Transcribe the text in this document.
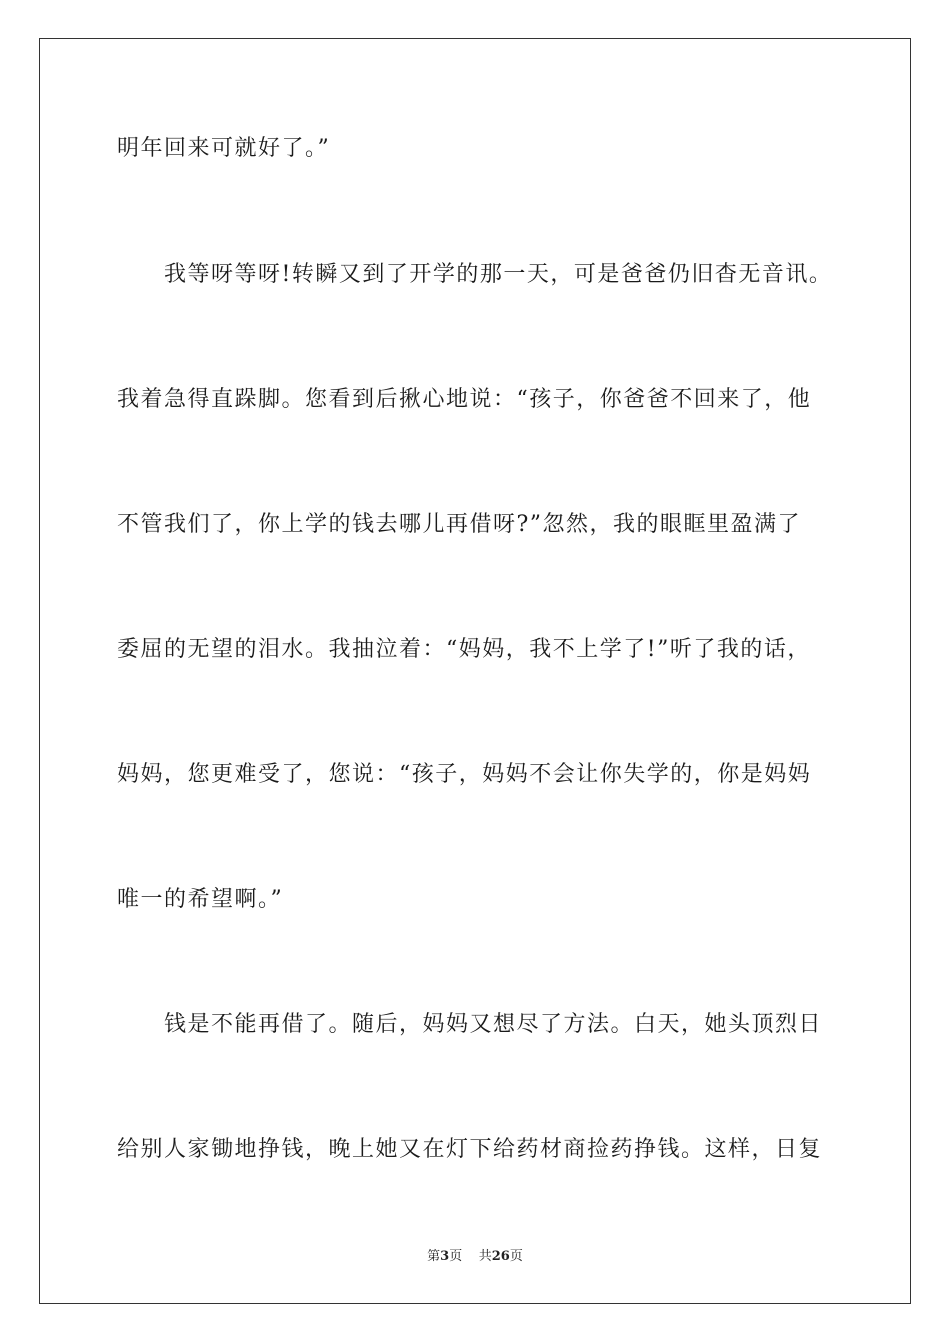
明年回来可就好了。”
我等呀等呀!转瞬又到了开学的那一天，可是爸爸仍旧杳无音讯。
我着急得直跺脚。您看到后揪心地说：“孩子，你爸爸不回来了，他
不管我们了，你上学的钱去哪儿再借呀?”忽然，我的眼眶里盈满了
委屈的无望的泪水。我抽泣着：“妈妈，我不上学了!”听了我的话，
妈妈，您更难受了，您说：“孩子，妈妈不会让你失学的，你是妈妈
唯一的希望啊。”
钱是不能再借了。随后，妈妈又想尽了方法。白天，她头顶烈日
给别人家锄地挣钱，晚上她又在灯下给药材商捡药挣钱。这样，日复
第3页 共26页
